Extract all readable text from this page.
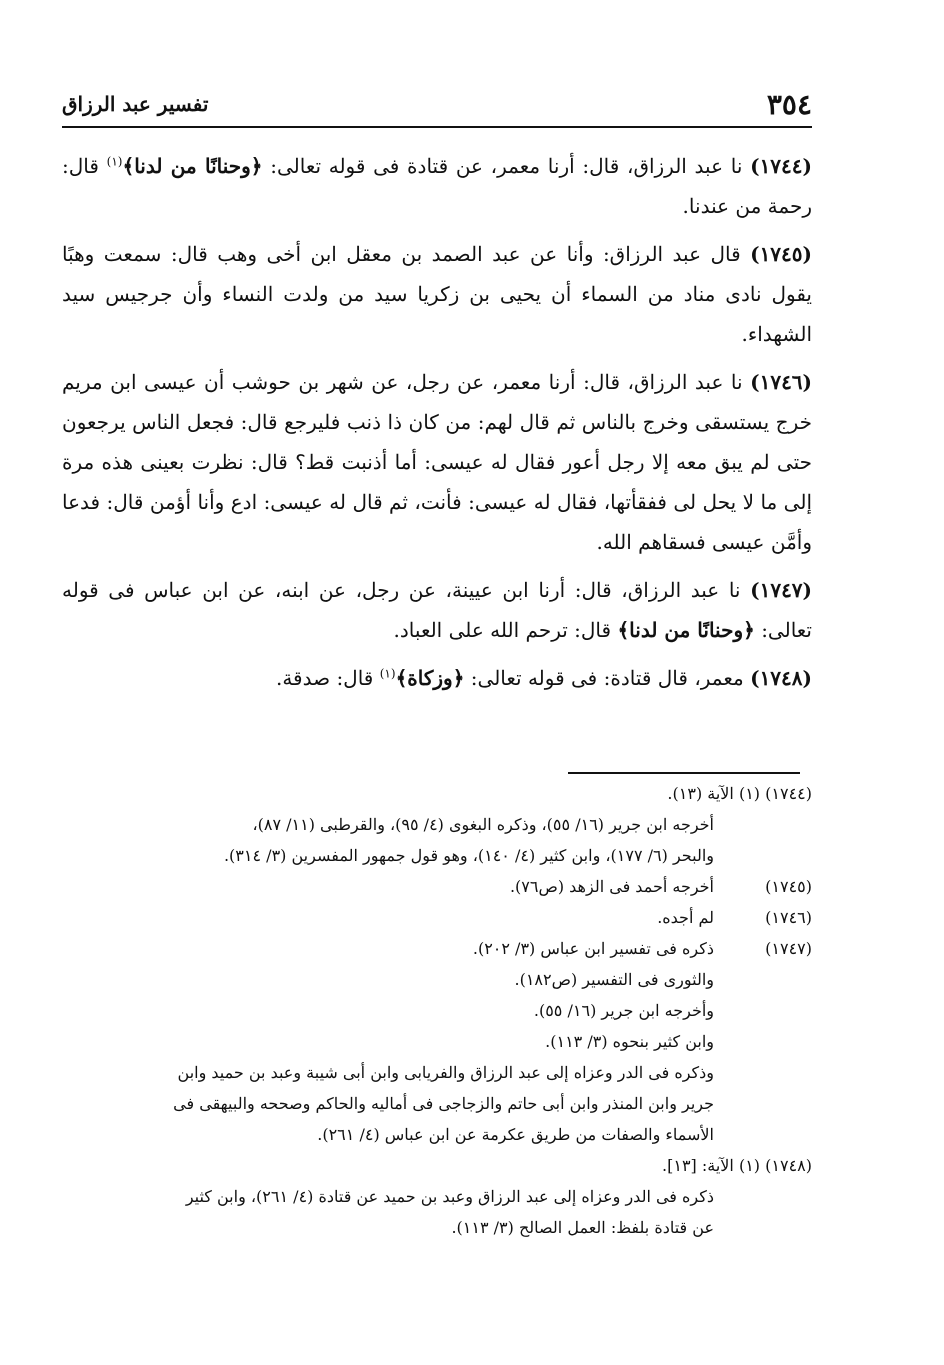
٣٥٤
تفسير عبد الرزاق

(١٧٤٤) نا عبد الرزاق، قال: أرنا معمر، عن قتادة فى قوله تعالى: ﴿وحنانًا من لدنا﴾$^{(١)}$ قال: رحمة من عندنا.

(١٧٤٥) قال عبد الرزاق: وأنا عن عبد الصمد بن معقل ابن أخى وهب قال: سمعت وهبًا يقول نادى مناد من السماء أن يحيى بن زكريا سيد من ولدت النساء وأن جرجيس سيد الشهداء.

(١٧٤٦) نا عبد الرزاق، قال: أرنا معمر، عن رجل، عن شهر بن حوشب أن عيسى ابن مريم خرج يستسقى وخرج بالناس ثم قال لهم: من كان ذا ذنب فليرجع قال: فجعل الناس يرجعون حتى لم يبق معه إلا رجل أعور فقال له عيسى: أما أذنبت قط؟ قال: نظرت بعينى هذه مرة إلى ما لا يحل لى ففقأتها، فقال له عيسى: فأنت، ثم قال له عيسى: ادع وأنا أؤمن قال: فدعا وأمَّن عيسى فسقاهم الله.

(١٧٤٧) نا عبد الرزاق، قال: أرنا ابن عيينة، عن رجل، عن ابنه، عن ابن عباس فى قوله تعالى: ﴿وحنانًا من لدنا﴾ قال: ترحم الله على العباد.

(١٧٤٨) معمر، قال قتادة: فى قوله تعالى: ﴿وزكاة﴾$^{(١)}$ قال: صدقة.

(١٧٤٤) (١) الآية (١٣).
أخرجه ابن جرير (١٦/ ٥٥)، وذكره البغوى (٤/ ٩٥)، والقرطبى (١١/ ٨٧)،
والبحر (٦/ ١٧٧)، وابن كثير (٤/ ١٤٠)، وهو قول جمهور المفسرين (٣/ ٣١٤).
(١٧٤٥)
أخرجه أحمد فى الزهد (ص٧٦).
(١٧٤٦)
لم أجده.
(١٧٤٧)
ذكره فى تفسير ابن عباس (٣/ ٢٠٢).
والثورى فى التفسير (ص١٨٢).
وأخرجه ابن جرير (١٦/ ٥٥).
وابن كثير بنحوه (٣/ ١١٣).
وذكره فى الدر وعزاه إلى عبد الرزاق والفريابى وابن أبى شيبة وعبد بن حميد وابن
جرير وابن المنذر وابن أبى حاتم والزجاجى فى أماليه والحاكم وصححه والبيهقى فى
الأسماء والصفات من طريق عكرمة عن ابن عباس (٤/ ٢٦١).
(١٧٤٨) (١) الآية: [١٣].
ذكره فى الدر وعزاه إلى عبد الرزاق وعبد بن حميد عن قتادة (٤/ ٢٦١)، وابن كثير
عن قتادة بلفظ: العمل الصالح (٣/ ١١٣).
